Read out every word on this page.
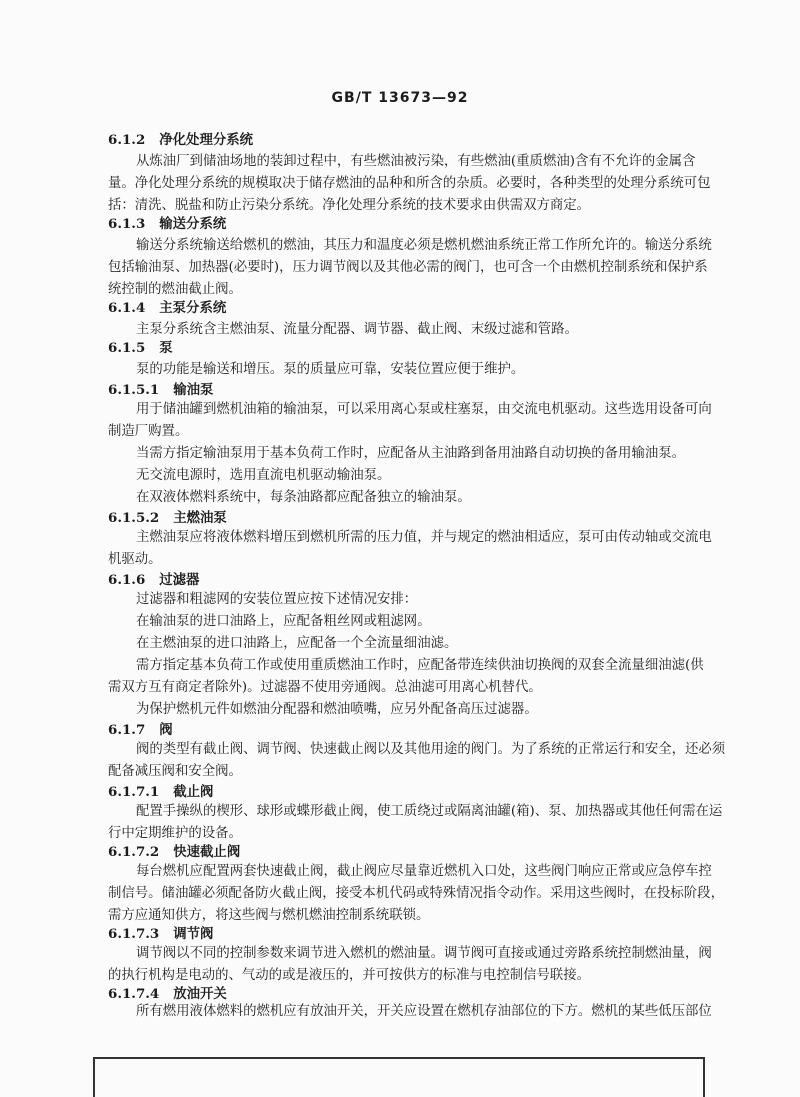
GB/T 13673—92
6.1.2 净化处理分系统
从炼油厂到储油场地的装卸过程中，有些燃油被污染，有些燃油(重质燃油)含有不允许的金属含
量。净化处理分系统的规模取决于储存燃油的品种和所含的杂质。必要时，各种类型的处理分系统可包
括：清洗、脱盐和防止污染分系统。净化处理分系统的技术要求由供需双方商定。
6.1.3 输送分系统
输送分系统输送给燃机的燃油，其压力和温度必须是燃机燃油系统正常工作所允许的。输送分系统
包括输油泵、加热器(必要时)，压力调节阀以及其他必需的阀门，也可含一个由燃机控制系统和保护系
统控制的燃油截止阀。
6.1.4 主泵分系统
主泵分系统含主燃油泵、流量分配器、调节器、截止阀、末级过滤和管路。
6.1.5 泵
泵的功能是输送和增压。泵的质量应可靠，安装位置应便于维护。
6.1.5.1 输油泵
用于储油罐到燃机油箱的输油泵，可以采用离心泵或柱塞泵，由交流电机驱动。这些选用设备可向
制造厂购置。
当需方指定输油泵用于基本负荷工作时，应配备从主油路到备用油路自动切换的备用输油泵。
无交流电源时，选用直流电机驱动输油泵。
在双液体燃料系统中，每条油路都应配备独立的输油泵。
6.1.5.2 主燃油泵
主燃油泵应将液体燃料增压到燃机所需的压力值，并与规定的燃油相适应，泵可由传动轴或交流电
机驱动。
6.1.6 过滤器
过滤器和粗滤网的安装位置应按下述情况安排：
在输油泵的进口油路上，应配备粗丝网或粗滤网。
在主燃油泵的进口油路上，应配备一个全流量细油滤。
需方指定基本负荷工作或使用重质燃油工作时，应配备带连续供油切换阀的双套全流量细油滤(供
需双方互有商定者除外)。过滤器不使用旁通阀。总油滤可用离心机替代。
为保护燃机元件如燃油分配器和燃油喷嘴，应另外配备高压过滤器。
6.1.7 阀
阀的类型有截止阀、调节阀、快速截止阀以及其他用途的阀门。为了系统的正常运行和安全，还必须
配备减压阀和安全阀。
6.1.7.1 截止阀
配置手操纵的楔形、球形或蝶形截止阀，使工质绕过或隔离油罐(箱)、泵、加热器或其他任何需在运
行中定期维护的设备。
6.1.7.2 快速截止阀
每台燃机应配置两套快速截止阀，截止阀应尽量靠近燃机入口处，这些阀门响应正常或应急停车控
制信号。储油罐必须配备防火截止阀，接受本机代码或特殊情况指令动作。采用这些阀时，在投标阶段，
需方应通知供方，将这些阀与燃机燃油控制系统联锁。
6.1.7.3 调节阀
调节阀以不同的控制参数来调节进入燃机的燃油量。调节阀可直接或通过旁路系统控制燃油量，阀
的执行机构是电动的、气动的或是液压的，并可按供方的标准与电控制信号联接。
6.1.7.4 放油开关
所有燃用液体燃料的燃机应有放油开关，开关应设置在燃机存油部位的下方。燃机的某些低压部位
